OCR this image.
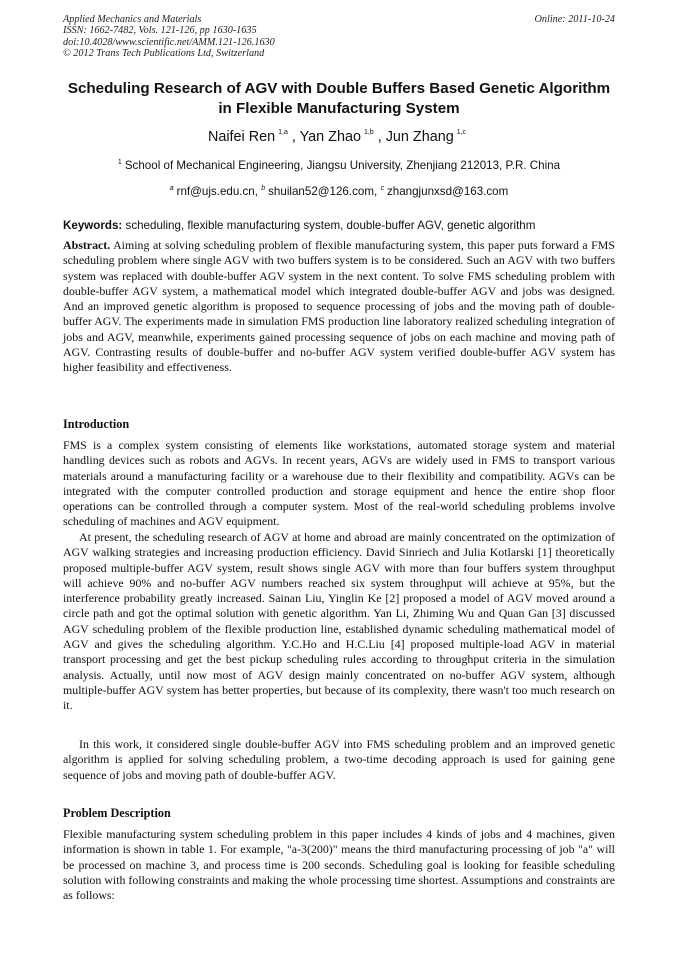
Applied Mechanics and Materials
ISSN: 1662-7482, Vols. 121-126, pp 1630-1635
doi:10.4028/www.scientific.net/AMM.121-126.1630
© 2012 Trans Tech Publications Ltd, Switzerland
Online: 2011-10-24
Scheduling Research of AGV with Double Buffers Based Genetic Algorithm in Flexible Manufacturing System
Naifei Ren $^{1,a}$ , Yan Zhao $^{1,b}$ , Jun Zhang $^{1,c}$
$^1$ School of Mechanical Engineering, Jiangsu University, Zhenjiang 212013, P.R. China
$^a$ rnf@ujs.edu.cn, $^b$ shuilan52@126.com, $^c$ zhangjunxsd@163.com
Keywords: scheduling, flexible manufacturing system, double-buffer AGV, genetic algorithm
Abstract. Aiming at solving scheduling problem of flexible manufacturing system, this paper puts forward a FMS scheduling problem where single AGV with two buffers system is to be considered. Such an AGV with two buffers system was replaced with double-buffer AGV system in the next content. To solve FMS scheduling problem with double-buffer AGV system, a mathematical model which integrated double-buffer AGV and jobs was designed. And an improved genetic algorithm is proposed to sequence processing of jobs and the moving path of double-buffer AGV. The experiments made in simulation FMS production line laboratory realized scheduling integration of jobs and AGV, meanwhile, experiments gained processing sequence of jobs on each machine and moving path of AGV. Contrasting results of double-buffer and no-buffer AGV system verified double-buffer AGV system has higher feasibility and effectiveness.
Introduction
FMS is a complex system consisting of elements like workstations, automated storage system and material handling devices such as robots and AGVs. In recent years, AGVs are widely used in FMS to transport various materials around a manufacturing facility or a warehouse due to their flexibility and compatibility. AGVs can be integrated with the computer controlled production and storage equipment and hence the entire shop floor operations can be controlled through a computer system. Most of the real-world scheduling problems involve scheduling of machines and AGV equipment.
At present, the scheduling research of AGV at home and abroad are mainly concentrated on the optimization of AGV walking strategies and increasing production efficiency. David Sinriech and Julia Kotlarski [1] theoretically proposed multiple-buffer AGV system, result shows single AGV with more than four buffers system throughput will achieve 90% and no-buffer AGV numbers reached six system throughput will achieve at 95%, but the interference probability greatly increased. Sainan Liu, Yinglin Ke [2] proposed a model of AGV moved around a circle path and got the optimal solution with genetic algorithm. Yan Li, Zhiming Wu and Quan Gan [3] discussed AGV scheduling problem of the flexible production line, established dynamic scheduling mathematical model of AGV and gives the scheduling algorithm. Y.C.Ho and H.C.Liu [4] proposed multiple-load AGV in material transport processing and get the best pickup scheduling rules according to throughput criteria in the simulation analysis. Actually, until now most of AGV design mainly concentrated on no-buffer AGV system, although multiple-buffer AGV system has better properties, but because of its complexity, there wasn't too much research on it.
In this work, it considered single double-buffer AGV into FMS scheduling problem and an improved genetic algorithm is applied for solving scheduling problem, a two-time decoding approach is used for gaining gene sequence of jobs and moving path of double-buffer AGV.
Problem Description
Flexible manufacturing system scheduling problem in this paper includes 4 kinds of jobs and 4 machines, given information is shown in table 1. For example, "a-3(200)" means the third manufacturing processing of job "a" will be processed on machine 3, and process time is 200 seconds. Scheduling goal is looking for feasible scheduling solution with following constraints and making the whole processing time shortest. Assumptions and constraints are as follows:
